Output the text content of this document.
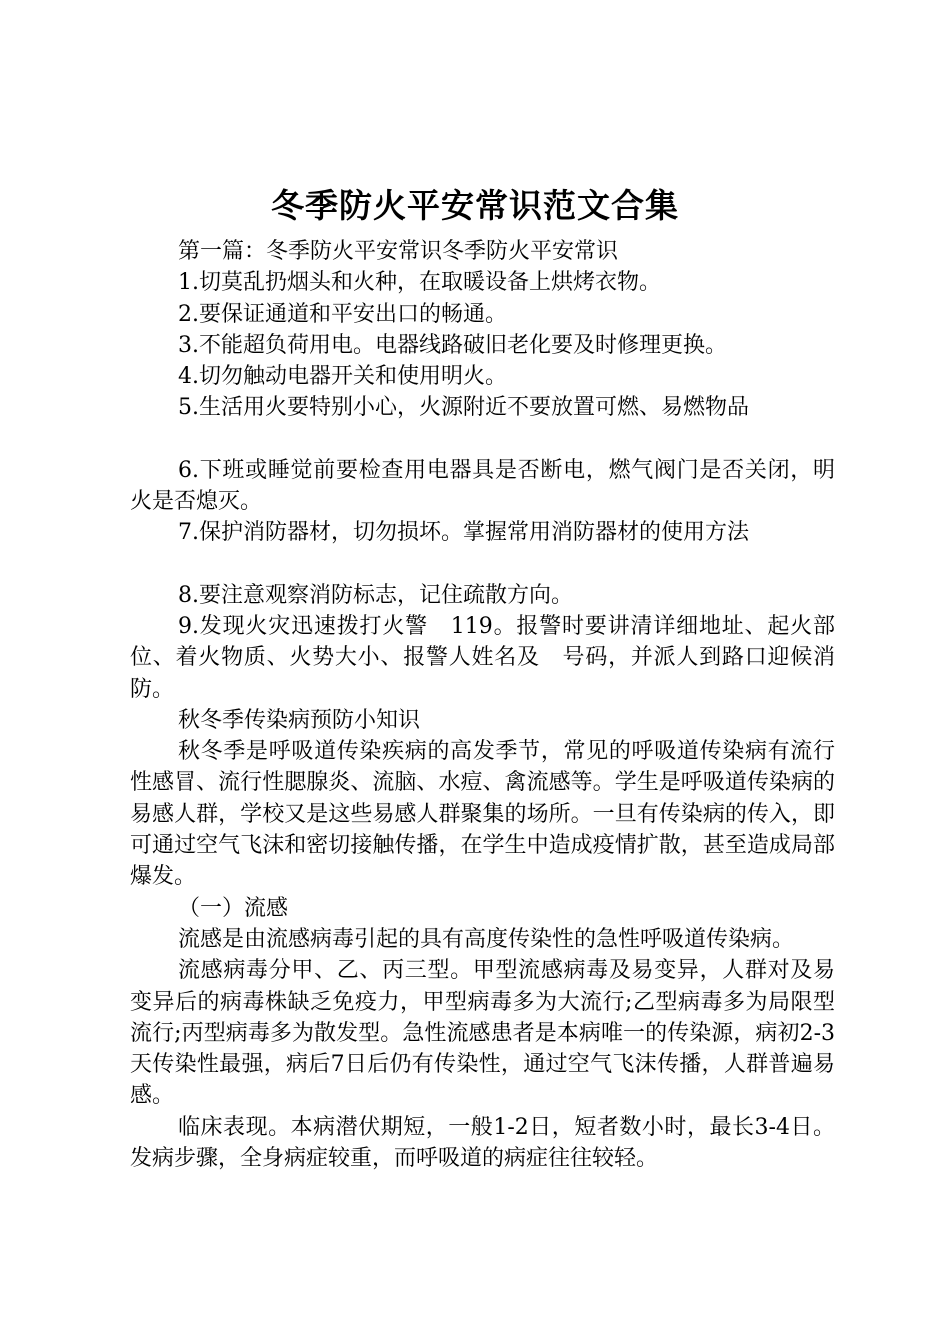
冬季防火平安常识范文合集

第一篇：冬季防火平安常识冬季防火平安常识

1.切莫乱扔烟头和火种，在取暖设备上烘烤衣物。

2.要保证通道和平安出口的畅通。

3.不能超负荷用电。电器线路破旧老化要及时修理更换。

4.切勿触动电器开关和使用明火。

5.生活用火要特别小心，火源附近不要放置可燃、易燃物品

6.下班或睡觉前要检查用电器具是否断电，燃气阀门是否关闭，明火是否熄灭。

7.保护消防器材，切勿损坏。掌握常用消防器材的使用方法

8.要注意观察消防标志，记住疏散方向。

9.发现火灾迅速拨打火警　119。报警时要讲清详细地址、起火部位、着火物质、火势大小、报警人姓名及　号码，并派人到路口迎候消防。

秋冬季传染病预防小知识

秋冬季是呼吸道传染疾病的高发季节，常见的呼吸道传染病有流行性感冒、流行性腮腺炎、流脑、水痘、禽流感等。学生是呼吸道传染病的易感人群，学校又是这些易感人群聚集的场所。一旦有传染病的传入，即可通过空气飞沫和密切接触传播，在学生中造成疫情扩散，甚至造成局部爆发。

（一）流感

流感是由流感病毒引起的具有高度传染性的急性呼吸道传染病。

流感病毒分甲、乙、丙三型。甲型流感病毒及易变异，人群对及易变异后的病毒株缺乏免疫力，甲型病毒多为大流行;乙型病毒多为局限型流行;丙型病毒多为散发型。急性流感患者是本病唯一的传染源，病初2-3天传染性最强，病后7日后仍有传染性，通过空气飞沫传播，人群普遍易感。

临床表现。本病潜伏期短，一般1-2日，短者数小时，最长3-4日。发病步骤，全身病症较重，而呼吸道的病症往往较轻。
